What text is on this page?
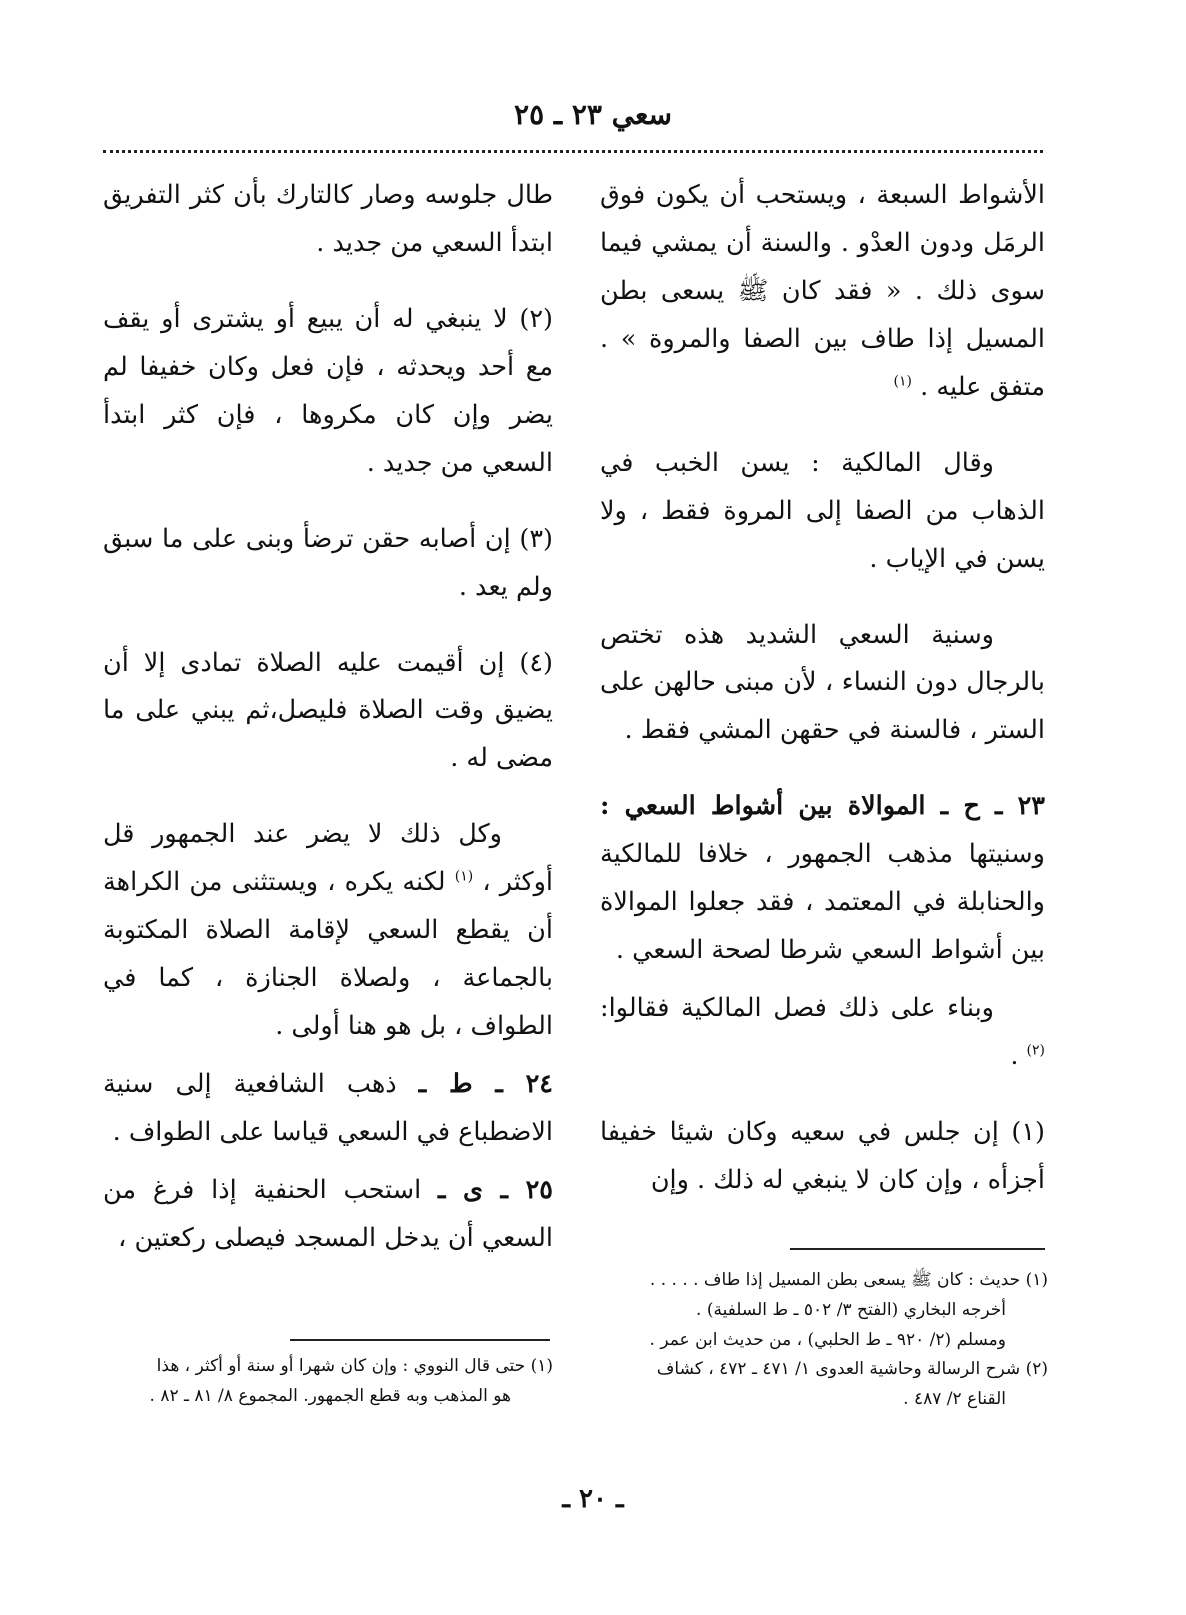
سعي ٢٣ ـ ٢٥

الأشواط السبعة ، ويستحب أن يكون فوق الرمَل ودون العدْو . والسنة أن يمشي فيما سوى ذلك . « فقد كان ﷺ يسعى بطن المسيل إذا طاف بين الصفا والمروة » . متفق عليه . $^{(١)}$

وقال المالكية : يسن الخبب في الذهاب من الصفا إلى المروة فقط ، ولا يسن في الإياب .

وسنية السعي الشديد هذه تختص بالرجال دون النساء ، لأن مبنى حالهن على الستر ، فالسنة في حقهن المشي فقط .

٢٣ ـ ح ـ الموالاة بين أشواط السعي : وسنيتها مذهب الجمهور ، خلافا للمالكية والحنابلة في المعتمد ، فقد جعلوا الموالاة بين أشواط السعي شرطا لصحة السعي .

وبناء على ذلك فصل المالكية فقالوا: $^{(٢)}$ .

(١) إن جلس في سعيه وكان شيئا خفيفا أجزأه ، وإن كان لا ينبغي له ذلك . وإن

طال جلوسه وصار كالتارك بأن كثر التفريق ابتدأ السعي من جديد .

(٢) لا ينبغي له أن يبيع أو يشترى أو يقف مع أحد ويحدثه ، فإن فعل وكان خفيفا لم يضر وإن كان مكروها ، فإن كثر ابتدأ السعي من جديد .

(٣) إن أصابه حقن ترضأ وبنى على ما سبق ولم يعد .

(٤) إن أقيمت عليه الصلاة تمادى إلا أن يضيق وقت الصلاة فليصل،ثم يبني على ما مضى له .

وكل ذلك لا يضر عند الجمهور قل أوكثر ، $^{(١)}$ لكنه يكره ، ويستثنى من الكراهة أن يقطع السعي لإقامة الصلاة المكتوبة بالجماعة ، ولصلاة الجنازة ، كما في الطواف ، بل هو هنا أولى .

٢٤ ـ ط ـ ذهب الشافعية إلى سنية الاضطباع في السعي قياسا على الطواف .

٢٥ ـ ى ـ استحب الحنفية إذا فرغ من السعي أن يدخل المسجد فيصلى ركعتين ،

(١) حديث : كان ﷺ يسعى بطن المسيل إذا طاف . . . . .

أخرجه البخاري (الفتح ٣/ ٥٠٢ ـ ط السلفية) .

ومسلم (٢/ ٩٢٠ ـ ط الحلبي) ، من حديث ابن عمر .

(٢) شرح الرسالة وحاشية العدوى ١/ ٤٧١ ـ ٤٧٢ ، كشاف

القناع ٢/ ٤٨٧ .

(١) حتى قال النووي : وإن كان شهرا أو سنة أو أكثر ، هذا

هو المذهب وبه قطع الجمهور. المجموع ٨/ ٨١ ـ ٨٢ .

ـ ٢٠ ـ
